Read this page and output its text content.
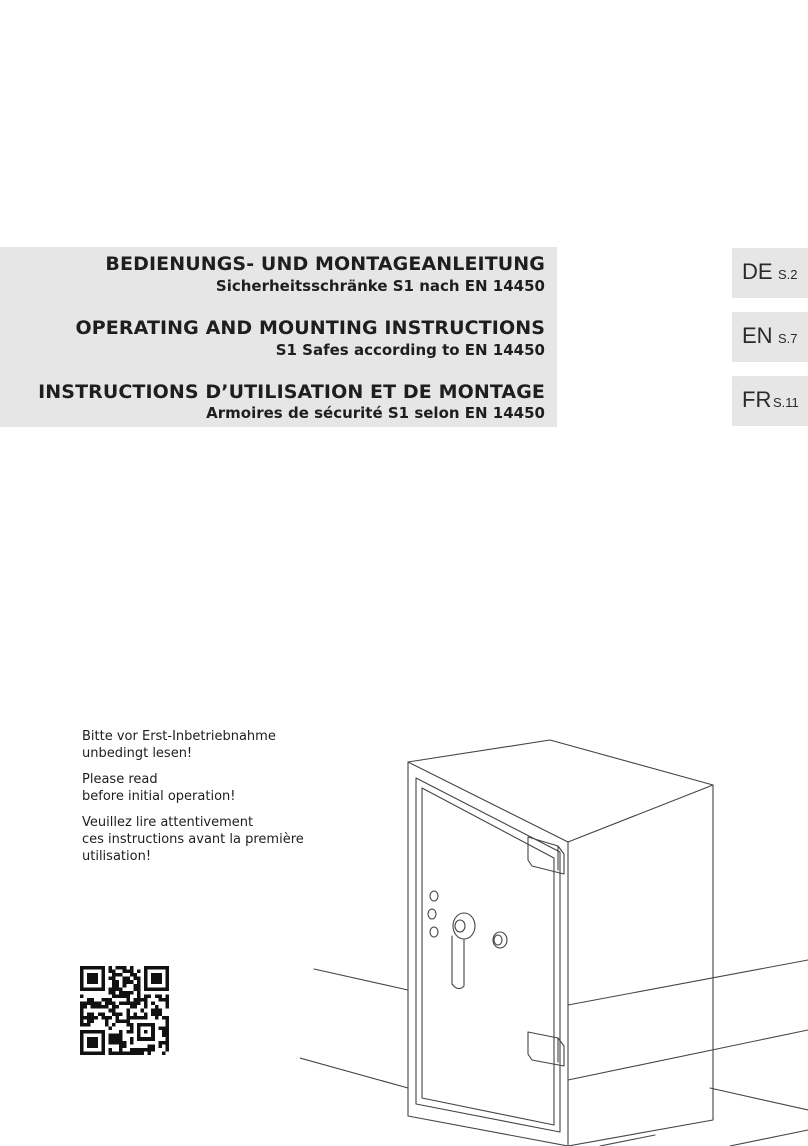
BEDIENUNGS- UND MONTAGEANLEITUNG
Sicherheitsschränke S1 nach EN 14450
OPERATING AND MOUNTING INSTRUCTIONS
S1 Safes according to EN 14450
INSTRUCTIONS D’UTILISATION ET DE MONTAGE
Armoires de sécurité S1 selon EN 14450
DE S.2
EN S.7
FR S.11

Bitte vor Erst-Inbetriebnahme
unbedingt lesen!

Please read
before initial operation!

Veuillez lire attentivement
ces instructions avant la première
utilisation!
